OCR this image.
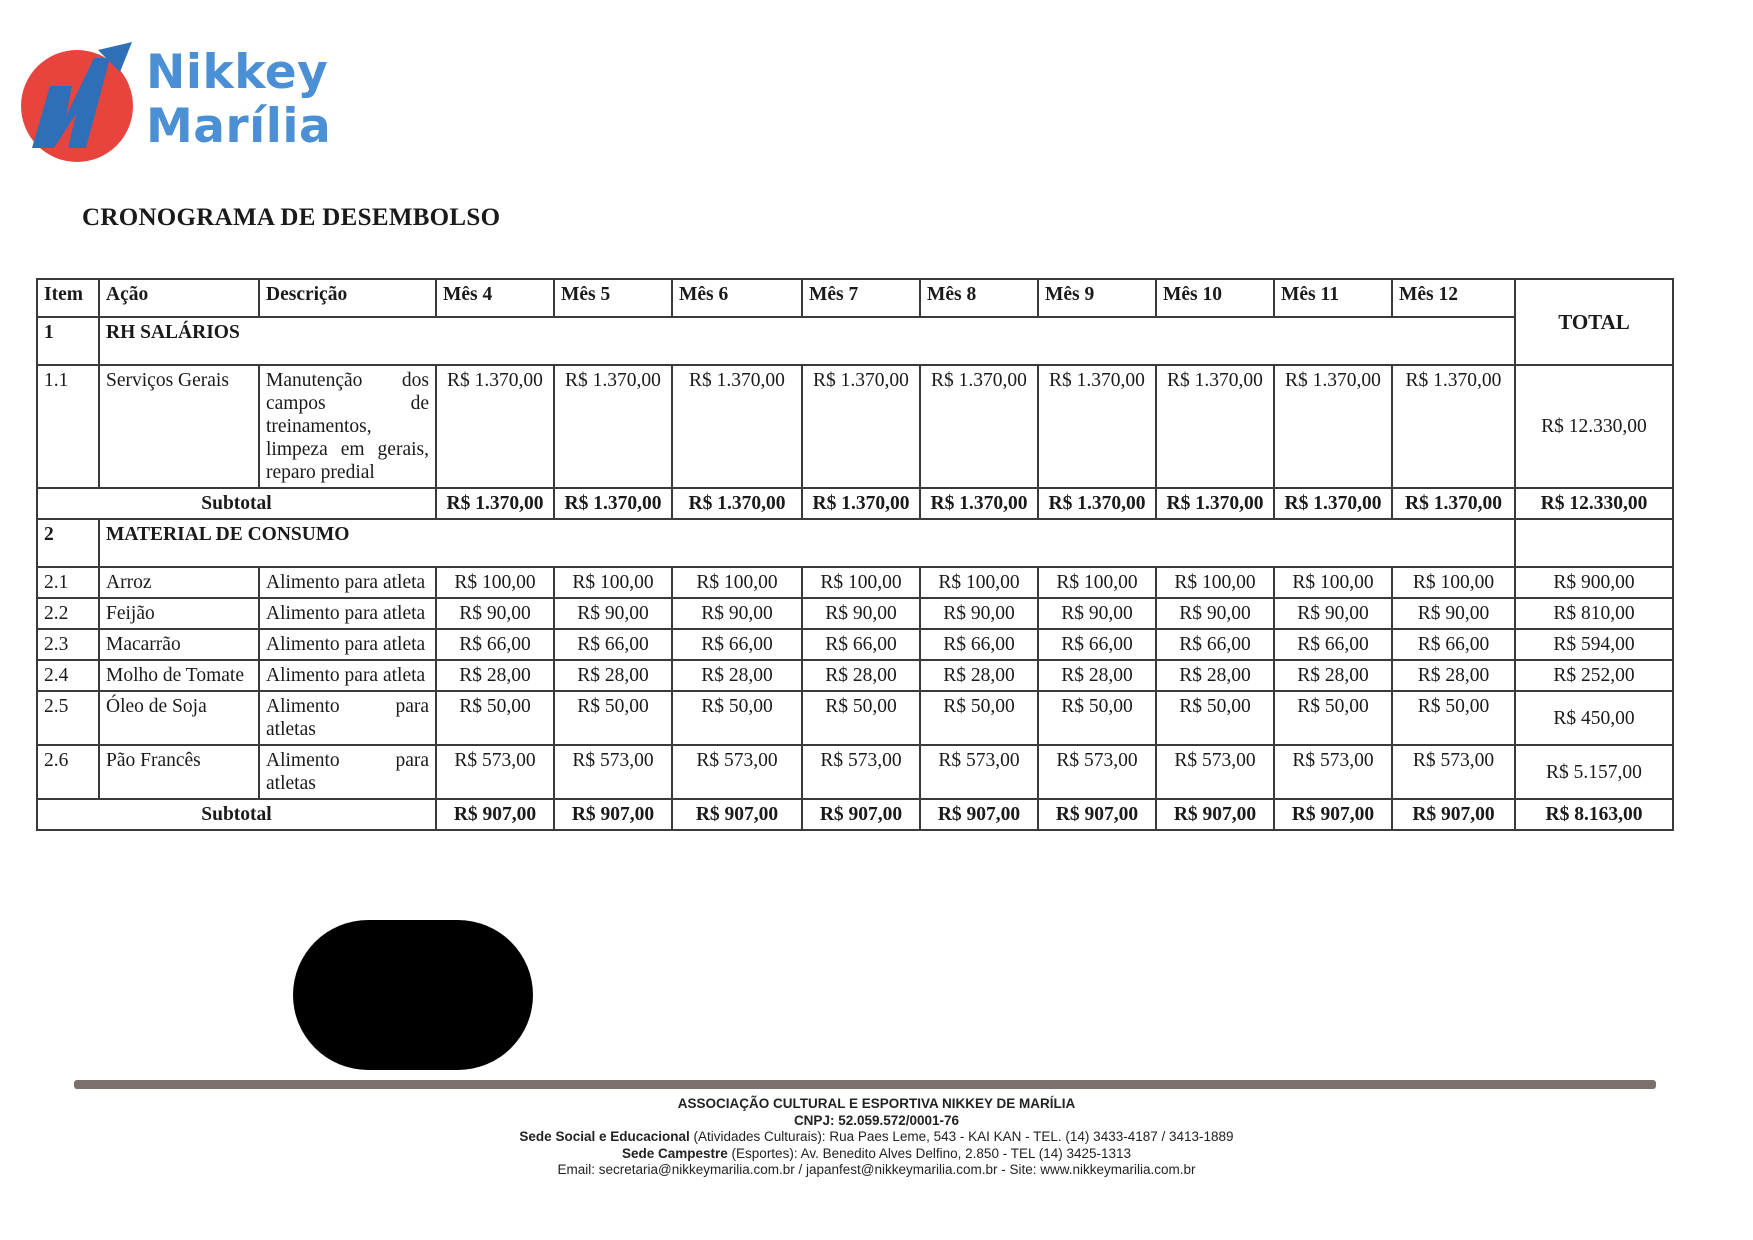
Nikkey
Marília
CRONOGRAMA DE DESEMBOLSO
Item	Ação	Descrição	Mês 4	Mês 5	Mês 6	Mês 7	Mês 8	Mês 9	Mês 10	Mês 11	Mês 12	TOTAL
1	RH SALÁRIOS											
1.1	Serviços Gerais	Manutenção dos campos de treinamentos, limpeza em gerais, reparo predial	R$ 1.370,00	R$ 1.370,00	R$ 1.370,00	R$ 1.370,00	R$ 1.370,00	R$ 1.370,00	R$ 1.370,00	R$ 1.370,00	R$ 1.370,00	R$ 12.330,00
Subtotal			R$ 1.370,00	R$ 1.370,00	R$ 1.370,00	R$ 1.370,00	R$ 1.370,00	R$ 1.370,00	R$ 1.370,00	R$ 1.370,00	R$ 1.370,00	R$ 12.330,00
2	MATERIAL DE CONSUMO											
2.1	Arroz	Alimento para atleta	R$ 100,00	R$ 100,00	R$ 100,00	R$ 100,00	R$ 100,00	R$ 100,00	R$ 100,00	R$ 100,00	R$ 100,00	R$ 900,00
2.2	Feijão	Alimento para atleta	R$ 90,00	R$ 90,00	R$ 90,00	R$ 90,00	R$ 90,00	R$ 90,00	R$ 90,00	R$ 90,00	R$ 90,00	R$ 810,00
2.3	Macarrão	Alimento para atleta	R$ 66,00	R$ 66,00	R$ 66,00	R$ 66,00	R$ 66,00	R$ 66,00	R$ 66,00	R$ 66,00	R$ 66,00	R$ 594,00
2.4	Molho de Tomate	Alimento para atleta	R$ 28,00	R$ 28,00	R$ 28,00	R$ 28,00	R$ 28,00	R$ 28,00	R$ 28,00	R$ 28,00	R$ 28,00	R$ 252,00
2.5	Óleo de Soja	Alimento para atletas	R$ 50,00	R$ 50,00	R$ 50,00	R$ 50,00	R$ 50,00	R$ 50,00	R$ 50,00	R$ 50,00	R$ 50,00	R$ 450,00
2.6	Pão Francês	Alimento para atletas	R$ 573,00	R$ 573,00	R$ 573,00	R$ 573,00	R$ 573,00	R$ 573,00	R$ 573,00	R$ 573,00	R$ 573,00	R$ 5.157,00
Subtotal			R$ 907,00	R$ 907,00	R$ 907,00	R$ 907,00	R$ 907,00	R$ 907,00	R$ 907,00	R$ 907,00	R$ 907,00	R$ 8.163,00
ASSOCIAÇÃO CULTURAL E ESPORTIVA NIKKEY DE MARÍLIA
CNPJ: 52.059.572/0001-76
Sede Social e Educacional (Atividades Culturais): Rua Paes Leme, 543 - KAI KAN - TEL. (14) 3433-4187 / 3413-1889
Sede Campestre (Esportes): Av. Benedito Alves Delfino, 2.850 - TEL (14) 3425-1313
Email: secretaria@nikkeymarilia.com.br / japanfest@nikkeymarilia.com.br - Site: www.nikkeymarilia.com.br
